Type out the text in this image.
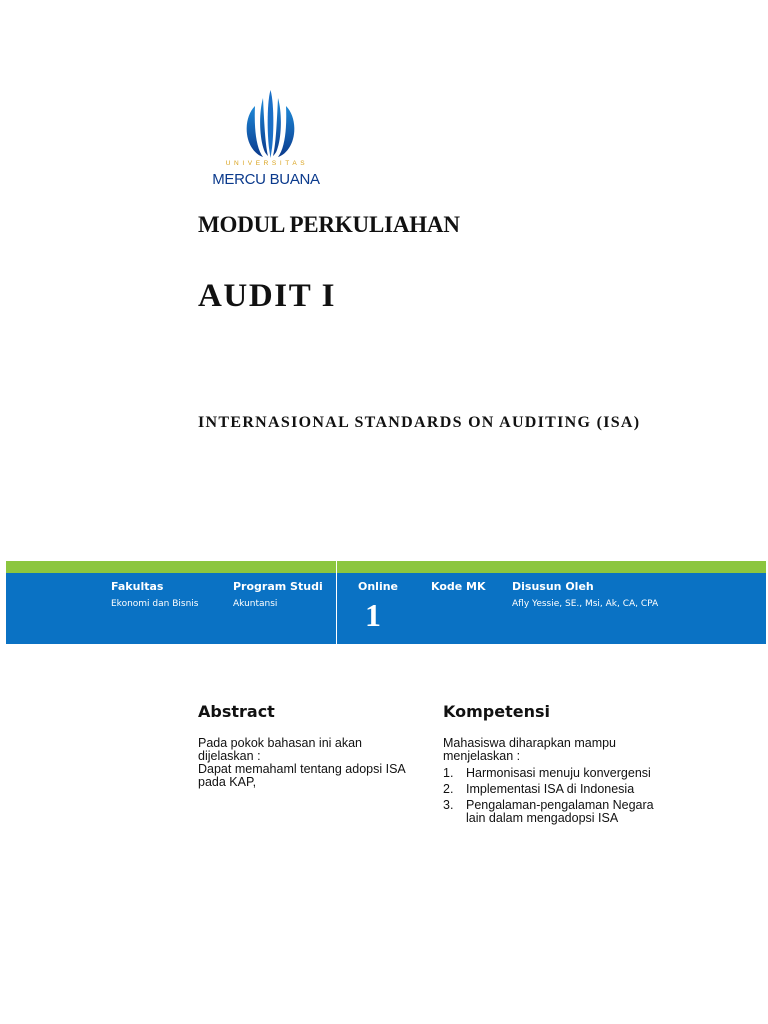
UNIVERSITAS
MERCU BUANA
MODUL PERKULIAHAN
AUDIT I
INTERNASIONAL STANDARDS ON AUDITING (ISA)
Fakultas
Ekonomi dan Bisnis
Program Studi
Akuntansi
Online
1
Kode MK Disusun Oleh
Afly Yessie, SE., Msi, Ak, CA, CPA
Abstract

Pada pokok bahasan ini akan

dijelaskan :

Dapat memahaml tentang adopsi ISA

pada KAP,

Kompetensi

Mahasiswa diharapkan mampu

menjelaskan :

1. Harmonisasi menuju konvergensi
2. Implementasi ISA di Indonesia
3. Pengalaman-pengalaman Negara lain dalam mengadopsi ISA
